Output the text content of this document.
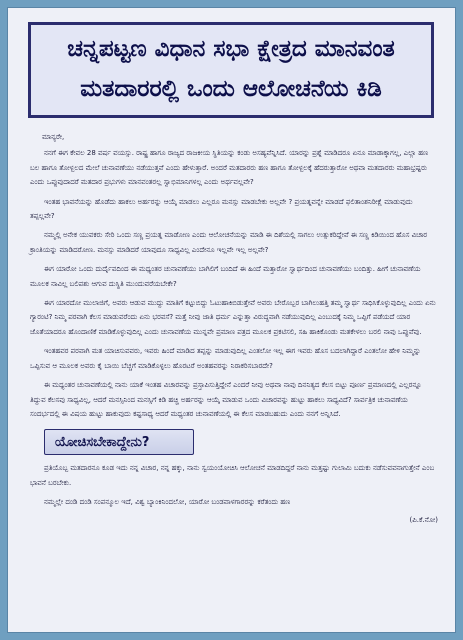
ಚನ್ನಪಟ್ಟಣ ವಿಧಾನ ಸಭಾ ಕ್ಷೇತ್ರದ ಮಾನವಂತ
ಮತದಾರರಲ್ಲಿ ಒಂದು ಆಲೋಚನೆಯ ಕಿಡಿ

ಮಾನ್ಯರೇ,

ನನಗೆ ಈಗ ಕೇವಲ 28 ವರ್ಷ ವಯಸ್ಸು. ರಾಷ್ಟ್ರ ಹಾಗೂ ರಾಜ್ಯದ ರಾಜಕೀಯ ಸ್ಥಿತಿಯನ್ನು ಕಂಡು ಅಸಹ್ಯವೆನ್ನಿಸಿದೆ. ಯಾರನ್ನು ಪ್ರಶ್ನೆ ಮಾಡಿದರೂ ಏನೂ ಮಾಡಾಕ್ಕಾಗಲ್ಲ, ಎಲ್ಲಾ ಹಣ ಬಲ ಹಾಗೂ ತೋಳ್ಬಲದ ಮೇಲೆ ಚುನಾವಣೆಯು ನಡೆಯುತ್ತವೆ ಎಂದು ಹೇಳುತ್ತಾರೆ. ಅಂದರೆ ಮತದಾರರು ಹಣ ಹಾಗೂ ತೋಳ್ಬಲಕ್ಕೆ ಹೆದರುತ್ತಾರೋ ಅಥವಾ ಮತದಾರರು ಮಹಾಭ್ರಷ್ಟರು ಎಂದು ಒಪ್ಪುವುದಾದರೆ ಮತದಾರ ಪ್ರಭುಗಳು ಮಾನವಂತರಲ್ಲ ಸ್ವಾಭಿಮಾನಿಗಳಲ್ಲ ಎಂದು ಅರ್ಥವಲ್ಲವೇ?

ಇಂತಹ ಭಾವನೆಯನ್ನು ಹೊಡೆದು ಹಾಕಲು ಅರ್ಹರನ್ನು ಆಯ್ಕೆ ಮಾಡಲು ಎಲ್ಲರೂ ಮನಸ್ಸು ಮಾಡಬೇಕು ಅಲ್ಲವೇ ? ಪ್ರಯತ್ನವನ್ನೇ ಮಾಡದೆ ಫಲಿತಾಂಶನಿರೀಕ್ಷೆ ಮಾಡುವುದು ತಪ್ಪಲ್ಲವೇ?

ನಮ್ಮಲ್ಲಿ ಅನೇಕ ಯುವಕರು ಸೇರಿ ಒಂದು ಸಣ್ಣ ಪ್ರಯತ್ನ ಮಾಡೋಣ ಎಂದು ಆಲೋಚನೆಯನ್ನು ಮಾಡಿ ಈ ದಿಶೆಯಲ್ಲಿ ಸಾಗಲು ಉತ್ಸುಕರಿದ್ದೇವೆ ಈ ಸಣ್ಣ ಕಿಡಿಯಿಂದ ಹೊಸ ವಿಚಾರ ಕ್ರಾಂತಿಯನ್ನು ಮಾಡಿದರೋಣ. ಮನಸ್ಸು ಮಾಡಿದರೆ ಯಾವುದೂ ಸಾಧ್ಯವಿಲ್ಲ ಎಂದೇನೂ ಇಲ್ಲವೇ ಇಲ್ಲ ಅಲ್ಲವೇ?

ಈಗ ಯಾರೋ ಒಂದು ದುರ್ದೈವದಿಂದ ಈ ಮಧ್ಯಂತರ ಚುನಾವಣೆಯು ಬಾಗಿಲಿಗೆ ಬಂದಿದೆ ಈ ಹಿಂದೆ ಮತ್ತಾರೋ ಸ್ವಾರ್ಥದಿಂದ ಚುನಾವಣೆಯು ಬಂದಿತ್ತು. ಹೀಗೆ ಚುನಾವಣೆಯ ಮೂಲಕ ನಾವಿಲ್ಲ ಬಲಿಪಶು ಆಗುವ ದುಸ್ಥಿತಿ ಮುಂದುವರೆಯಬೇಕೇ?

ಈಗ ಯಾರದೋ ಮುಲಾಜಿಗೆ, ಅವರು ಆಡುವ ಮುದ್ದು ಮಾತಿಗೆ ಕಟ್ಟುಬಿದ್ದು ಓಟುಹಾಕಿಬಿಡುತ್ತೇವೆ ಅವರು ಬೇರೊಬ್ಬರ ಬಾಗಿಲುಹತ್ತಿ ತಮ್ಮ ಸ್ವಾರ್ಥ ಸಾಧಿಸಿಕೊಳ್ಳುವುದಿಲ್ಲ ಎಂದು ಏನು ಗ್ಯಾರಂಟಿ? ನಿಮ್ಮ ಪರವಾಗಿ ಕೆಲಸ ಮಾಡುವರೆಂದು ಏನು ಭರವಸೆ? ಮತ್ತೆ ನೀವು ಜಾತಿ ಧರ್ಮ ಎನ್ನುತ್ತಾ ವಿರುದ್ಧವಾಗಿ ನಡೆಯುವುದಿಲ್ಲ ಎಂಬುದಕ್ಕೆ ನಿಮ್ಮ ಒಪ್ಪಿಗೆ ಪಡೆಯದೆ ಯಾರ ಜೊತೆಯಾದರೂ ಹೊಂದಾಣಿಕೆ ಮಾಡಿಕೊಳ್ಳುವುದಿಲ್ಲ ಎಂದು ಚುನಾವಣೆಯ ಮುನ್ನವೇ ಪ್ರಮಾಣ ಪತ್ರದ ಮೂಲಕ ಪ್ರಕಟಿಸಲಿ, ಸಹಿ ಹಾಕಿಕೊಂಡು ಮತಕೇಳಲು ಬರಲಿ ನಾವು ಒಪ್ಪುವೆವು.

ಇಂತಹವರ ಪರವಾಗಿ ಮತ ಯಾಚಿಸುವವರು, ಇವರು ಹಿಂದೆ ಮಾಡಿದ ತಪ್ಪನ್ನು ಮಾಡುವುದಿಲ್ಲ ಎಂತಲೋ ಇಲ್ಲ ಈಗ ಇವರು ಹೊಸ ಬದಲಾಗಿದ್ದಾರೆ ಎಂತಲೋ ಹೇಳಿ ನಿಮ್ಮನ್ನು ಒಪ್ಪಿಸುವ ಆ ಮೂಲಕ ಅವರು ಕೈ ಬಾಯಿ ಬೆಚ್ಚಗೆ ಮಾಡಿಕೊಳ್ಳಲು ಹೊರಟರೆ ಅಂತಹವರನ್ನು ನಿರಾಕರಿಸಬಾರದೇ?

ಈ ಮಧ್ಯಂತರ ಚುನಾವಣೆಯಲ್ಲಿ ನಾನು ಯಾಕೆ ಇಂತಹ ವಿಚಾರವನ್ನು ಪ್ರಸ್ತಾಪಿಸುತ್ತಿದ್ದೇನೆ ಎಂದರೆ ನೀವು ಅಥವಾ ನಾವು ದಿನನಿತ್ಯದ ಕೆಲಸ ಬಿಟ್ಟು ಪೂರ್ಣ ಪ್ರಮಾಣದಲ್ಲಿ ಎಲ್ಲರನ್ನೂ ತಿದ್ದುವ ಕೆಲಸವು ಸಾಧ್ಯವಿಲ್ಲ, ಆದರೆ ಮನಸ್ಸಿನಿಂದ ಮನಸ್ಸಿಗೆ ಕಿಡಿ ಹಚ್ಚಿ ಅರ್ಹರನ್ನು ಆಯ್ಕೆ ಮಾಡುವ ಒಂದು ವಿಚಾರವನ್ನು ಹುಟ್ಟು ಹಾಕಲು ಸಾಧ್ಯವಿದೆ? ಸಾರ್ವತ್ರಿಕ ಚುನಾವಣೆಯ ಸಂದರ್ಭದಲ್ಲಿ ಈ ವಿಷಯ ಹುಟ್ಟು ಹಾಕುವುದು ಕಷ್ಟಸಾಧ್ಯ ಆದರೆ ಮಧ್ಯಂತರ ಚುನಾವಣೆಯಲ್ಲಿ ಈ ಕೆಲಸ ಮಾಡಬಹುದು ಎಂದು ನನಗೆ ಅನ್ನಿಸಿದೆ.

ಯೋಚಿಸಬೇಕಾದ್ದೇನು?

ಪ್ರತಿಯೊಬ್ಬ ಮತದಾರನೂ ಕೂಡ ಇದು ನನ್ನ ವಿಚಾರ, ನನ್ನ ಹಕ್ಕು, ನಾನು ಸ್ವಯಂಯೋಚಿಸಿ ಆಲೋಚನೆ ಮಾಡದಿದ್ದರೆ ನಾನು ಮತ್ತಷ್ಟು ಗುಲಾಮಿ ಬದುಕು ನಡೆಸುವವನಾಗುತ್ತೇನೆ ಎಂಬ ಭಾವನೆ ಬರಬೇಕು.

ನಮ್ಮಲ್ಲೇ ದಂಡಿ ದಂಡಿ ಸಂಪನ್ಮೂಲ ಇದೆ, ವಿಶ್ವ ಬ್ಯಾಂಕಿನಿಂದಲೋ, ಯಾರೋ ಬಂಡವಾಳಗಾರರನ್ನು ಕರೆತಂದು ಹಣ

(ಪಿ.ಕೆ.ನೋ)
